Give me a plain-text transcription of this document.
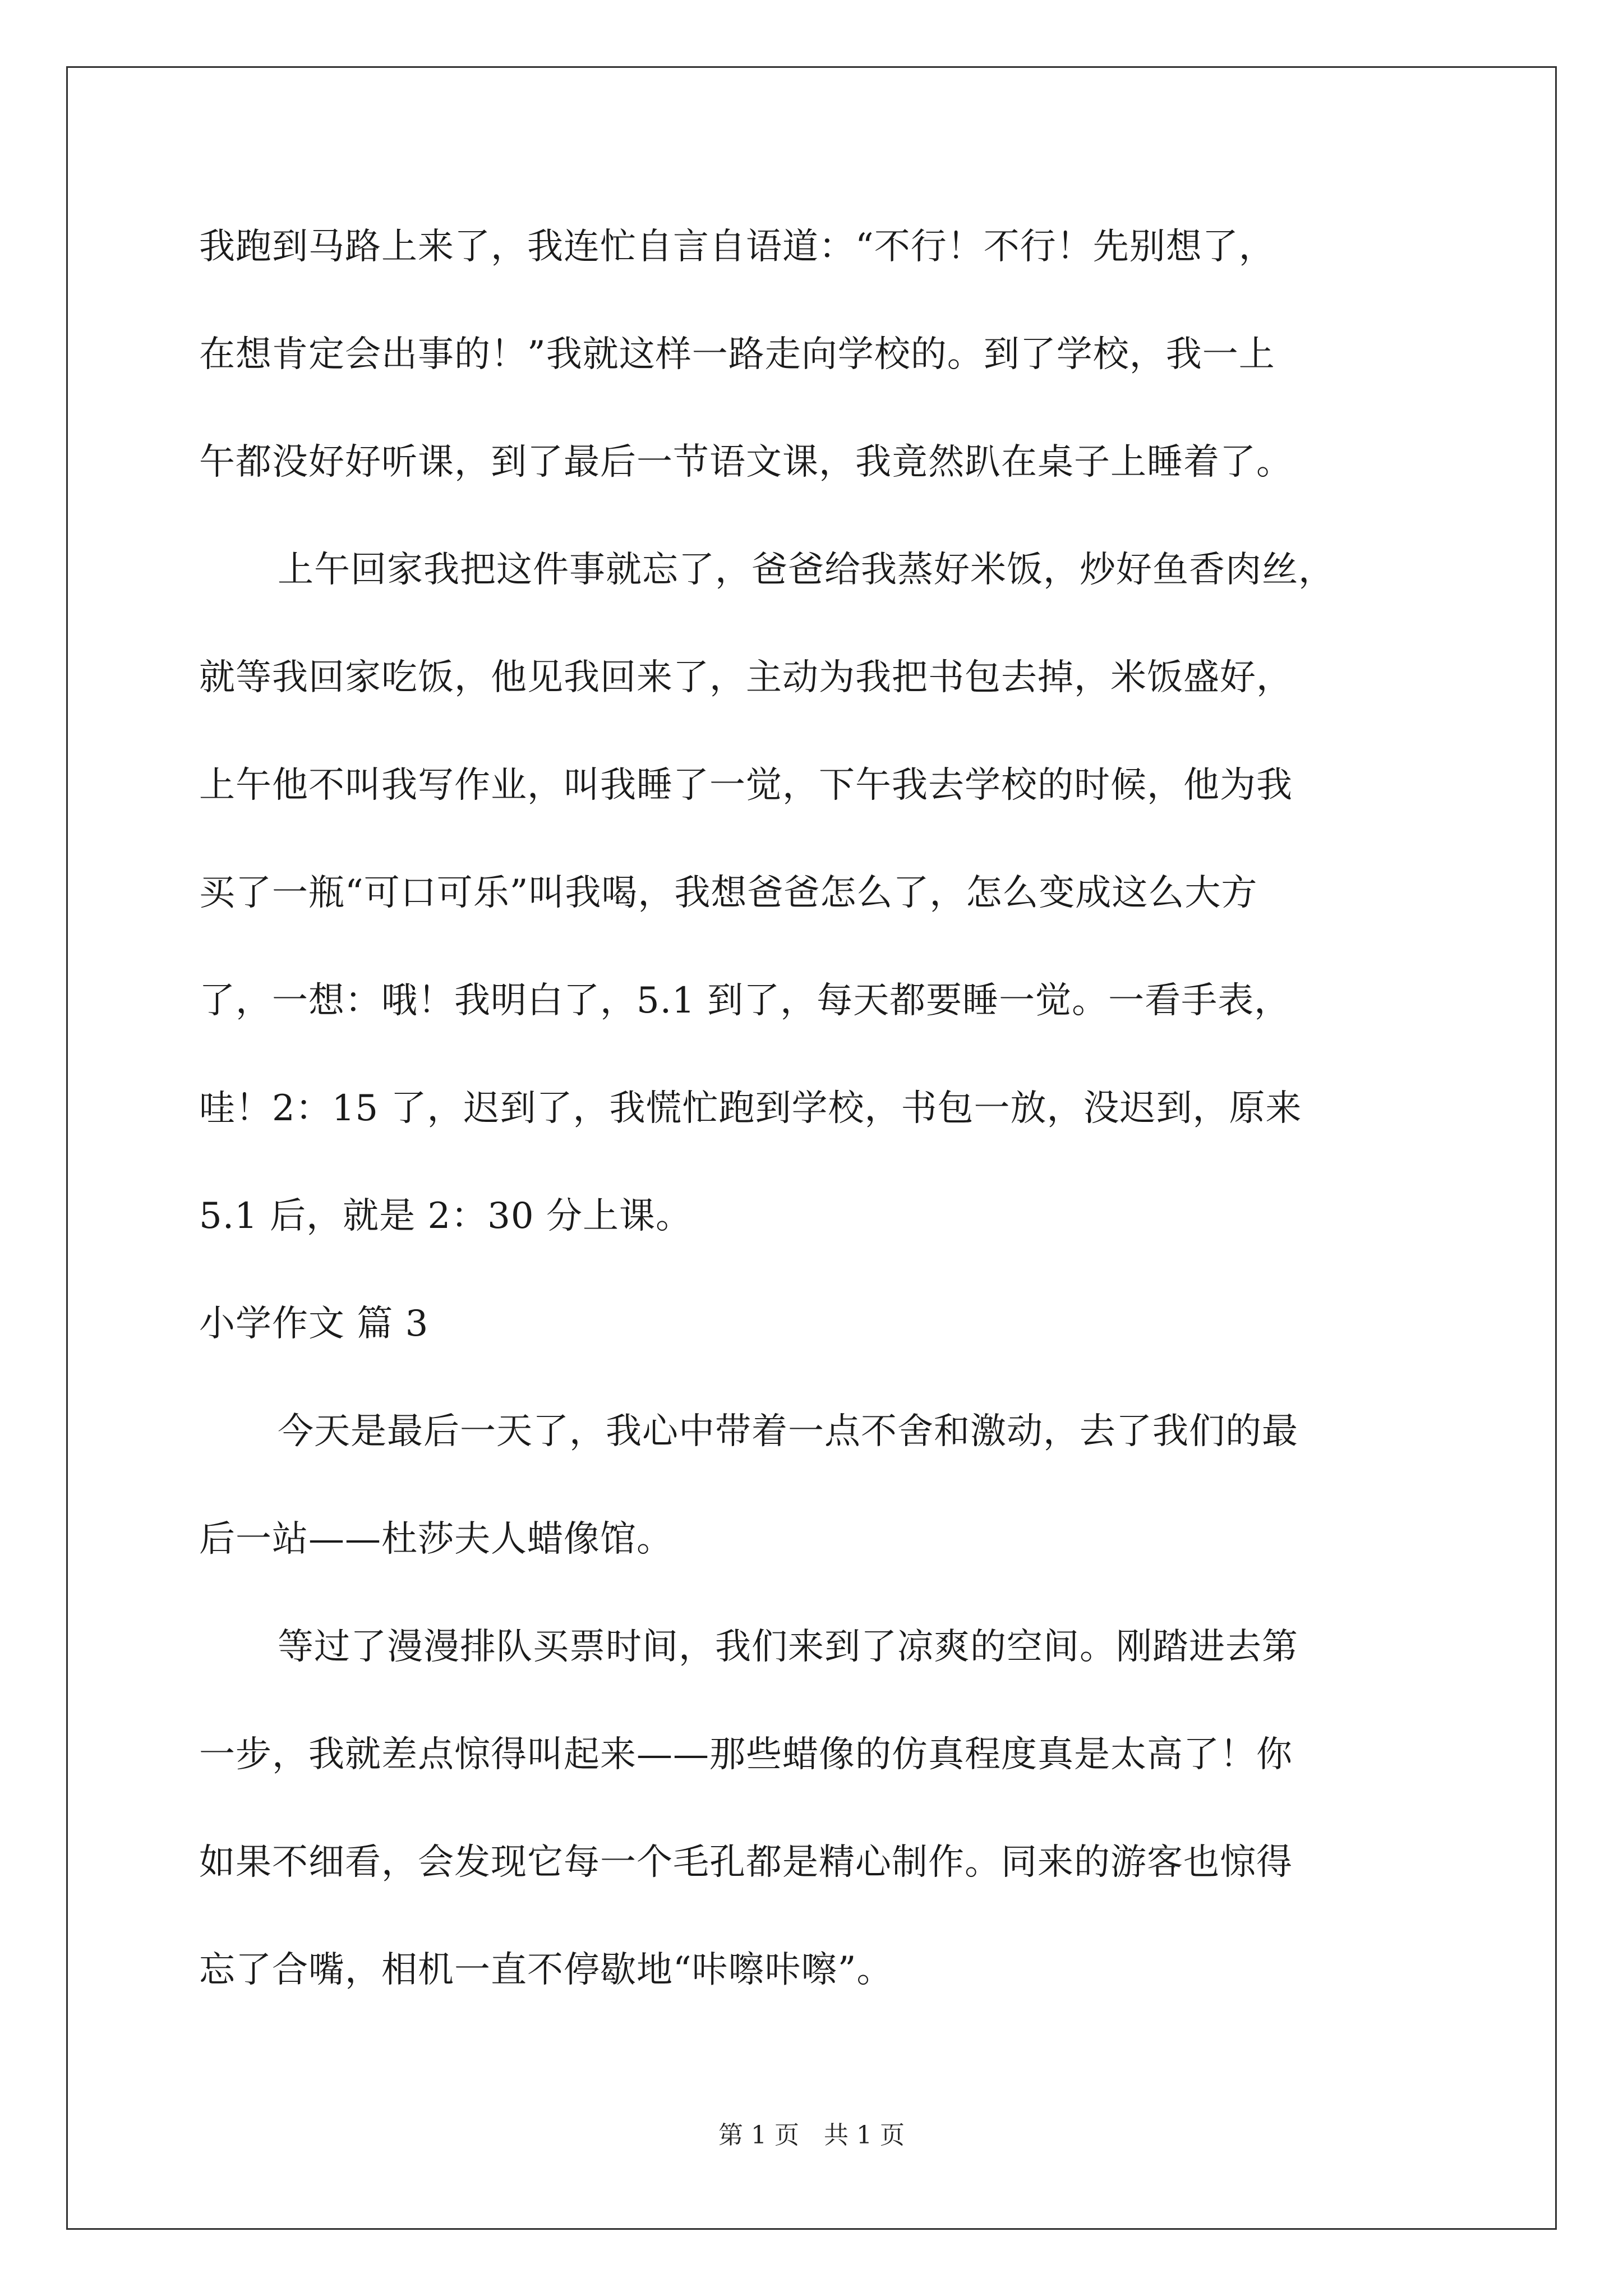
我跑到马路上来了，我连忙自言自语道：“不行！不行！先别想了，
在想肯定会出事的！”我就这样一路走向学校的。到了学校，我一上
午都没好好听课，到了最后一节语文课，我竟然趴在桌子上睡着了。
上午回家我把这件事就忘了，爸爸给我蒸好米饭，炒好鱼香肉丝，
就等我回家吃饭，他见我回来了，主动为我把书包去掉，米饭盛好，
上午他不叫我写作业，叫我睡了一觉，下午我去学校的时候，他为我
买了一瓶“可口可乐”叫我喝，我想爸爸怎么了，怎么变成这么大方
了，一想：哦！我明白了，5.1 到了，每天都要睡一觉。一看手表，
哇！2：15 了，迟到了，我慌忙跑到学校，书包一放，没迟到，原来
5.1 后，就是 2：30 分上课。
小学作文 篇 3
今天是最后一天了，我心中带着一点不舍和激动，去了我们的最
后一站——杜莎夫人蜡像馆。
等过了漫漫排队买票时间，我们来到了凉爽的空间。刚踏进去第
一步，我就差点惊得叫起来——那些蜡像的仿真程度真是太高了！你
如果不细看，会发现它每一个毛孔都是精心制作。同来的游客也惊得
忘了合嘴，相机一直不停歇地“咔嚓咔嚓”。
第 1 页　共 1 页
